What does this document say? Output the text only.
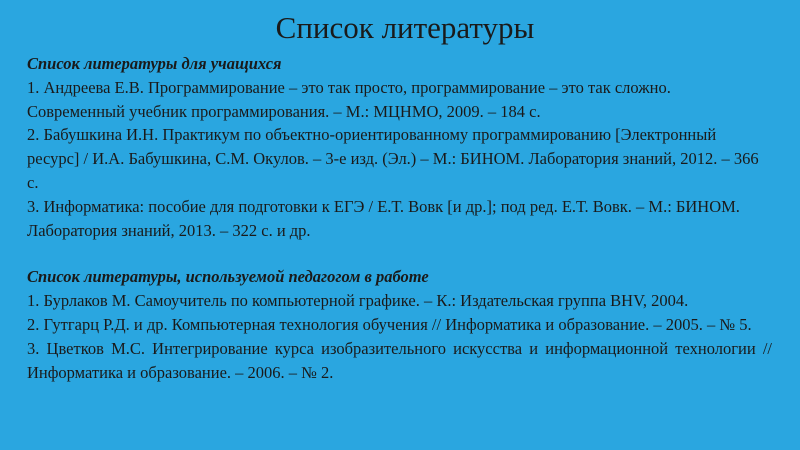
Список литературы

Список литературы для учащихся

1. Андреева Е.В. Программирование – это так просто, программирование – это так сложно. Современный учебник программирования. – М.: МЦНМО, 2009. – 184 с.

2. Бабушкина И.Н. Практикум по объектно-ориентированному программированию [Электронный ресурс] / И.А. Бабушкина, С.М. Окулов. – 3-е изд. (Эл.) – М.: БИНОМ. Лаборатория знаний, 2012. – 366 с.

3. Информатика: пособие для подготовки к ЕГЭ / Е.Т. Вовк [и др.]; под ред. Е.Т. Вовк. – М.: БИНОМ. Лаборатория знаний, 2013. – 322 с. и др.

Список литературы, используемой педагогом в работе

1. Бурлаков М. Самоучитель по компьютерной графике. – К.: Издательская группа BHV, 2004.

2. Гутгарц Р.Д. и др. Компьютерная технология обучения // Информатика и образование. – 2005. – № 5.

3. Цветков М.С. Интегрирование курса изобразительного искусства и информационной технологии //Информатика и образование. – 2006. – № 2.
